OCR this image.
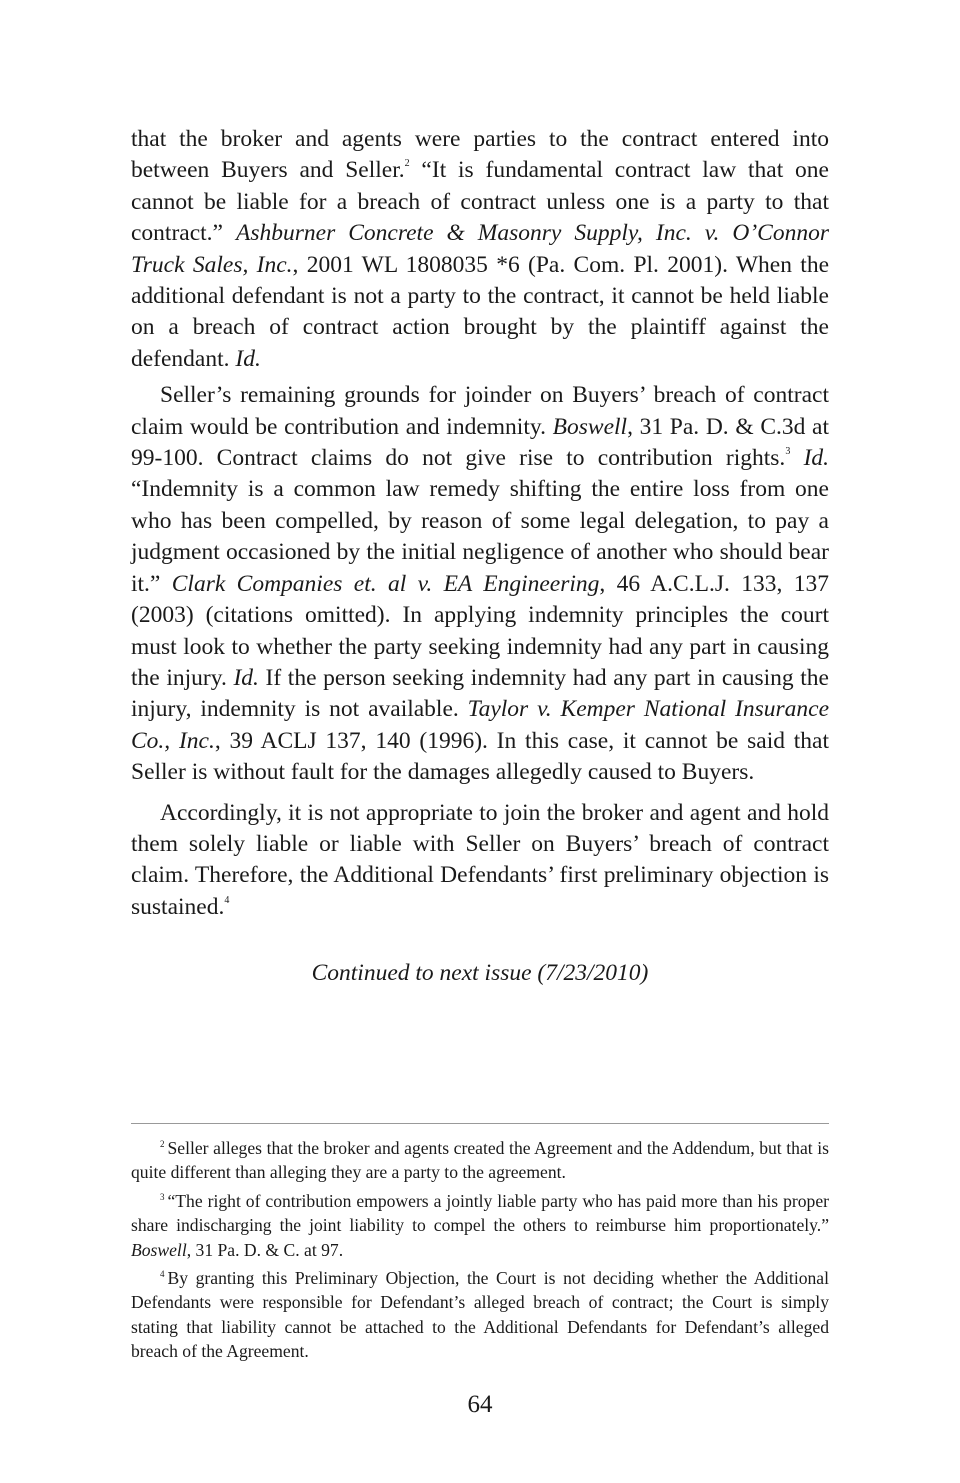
that the broker and agents were parties to the contract entered into between Buyers and Seller.$^2$ “It is fundamental contract law that one cannot be liable for a breach of contract unless one is a party to that contract.” Ashburner Concrete & Masonry Supply, Inc. v. O’Connor Truck Sales, Inc., 2001 WL 1808035 *6 (Pa. Com. Pl. 2001). When the additional defendant is not a party to the contract, it cannot be held liable on a breach of contract action brought by the plaintiff against the defendant. Id.

Seller’s remaining grounds for joinder on Buyers’ breach of contract claim would be contribution and indemnity. Boswell, 31 Pa. D. & C.3d at 99-100. Contract claims do not give rise to contribution rights.$^3$ Id. “Indemnity is a common law remedy shifting the entire loss from one who has been compelled, by reason of some legal delegation, to pay a judgment occasioned by the initial negligence of another who should bear it.” Clark Companies et. al v. EA Engineering, 46 A.C.L.J. 133, 137 (2003) (citations omitted). In applying indemnity principles the court must look to whether the party seeking indemnity had any part in causing the injury. Id. If the person seeking indemnity had any part in causing the injury, indemnity is not available. Taylor v. Kemper National Insurance Co., Inc., 39 ACLJ 137, 140 (1996). In this case, it cannot be said that Seller is without fault for the damages allegedly caused to Buyers.

Accordingly, it is not appropriate to join the broker and agent and hold them solely liable or liable with Seller on Buyers’ breach of contract claim. Therefore, the Additional Defendants’ first preliminary objection is sustained.$^4$

Continued to next issue (7/23/2010)

$^2$ Seller alleges that the broker and agents created the Agreement and the Addendum, but that is quite different than alleging they are a party to the agreement.

$^3$ “The right of contribution empowers a jointly liable party who has paid more than his proper share indischarging the joint liability to compel the others to reimburse him proportionately.” Boswell, 31 Pa. D. & C. at 97.

$^4$ By granting this Preliminary Objection, the Court is not deciding whether the Additional Defendants were responsible for Defendant’s alleged breach of contract; the Court is simply stating that liability cannot be attached to the Additional Defendants for Defendant’s alleged breach of the Agreement.

64
